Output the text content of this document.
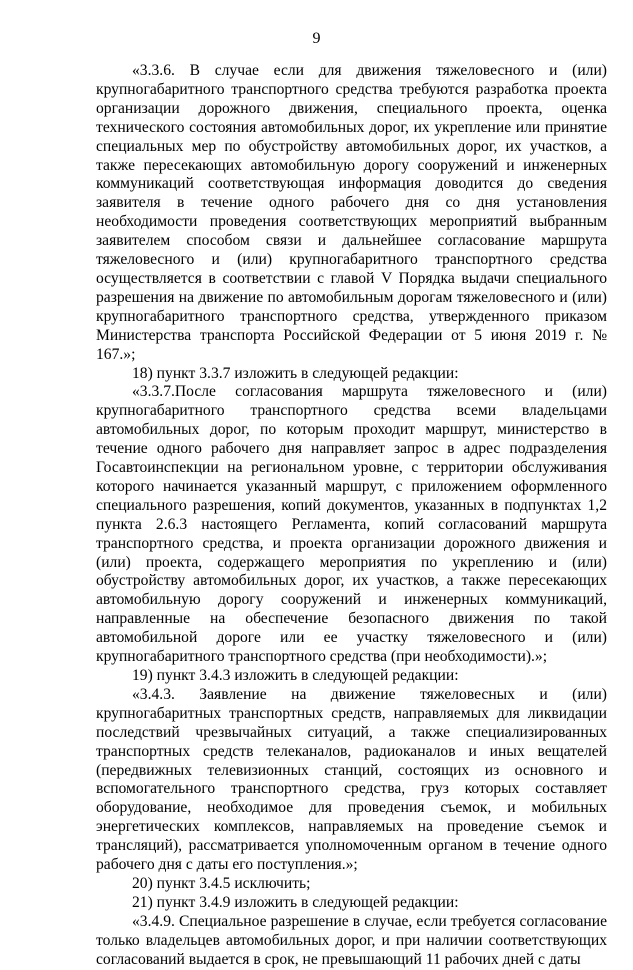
9

«3.3.6. В случае если для движения тяжеловесного и (или) крупногабаритного транспортного средства требуются разработка проекта организации дорожного движения, специального проекта, оценка технического состояния автомобильных дорог, их укрепление или принятие специальных мер по обустройству автомобильных дорог, их участков, а также пересекающих автомобильную дорогу сооружений и инженерных коммуникаций соответствующая информация доводится до сведения заявителя в течение одного рабочего дня со дня установления необходимости проведения соответствующих мероприятий выбранным заявителем способом связи и дальнейшее согласование маршрута тяжеловесного и (или) крупногабаритного транспортного средства осуществляется в соответствии с главой V Порядка выдачи специального разрешения на движение по автомобильным дорогам тяжеловесного и (или) крупногабаритного транспортного средства, утвержденного приказом Министерства транспорта Российской Федерации от 5 июня 2019 г. № 167.»;

18) пункт 3.3.7 изложить в следующей редакции:

«3.3.7.После согласования маршрута тяжеловесного и (или) крупногабаритного транспортного средства всеми владельцами автомобильных дорог, по которым проходит маршрут, министерство в течение одного рабочего дня направляет запрос в адрес подразделения Госавтоинспекции на региональном уровне, с территории обслуживания которого начинается указанный маршрут, с приложением оформленного специального разрешения, копий документов, указанных в подпунктах 1,2 пункта 2.6.3 настоящего Регламента, копий согласований маршрута транспортного средства, и проекта организации дорожного движения и (или) проекта, содержащего мероприятия по укреплению и (или) обустройству автомобильных дорог, их участков, а также пересекающих автомобильную дорогу сооружений и инженерных коммуникаций, направленные на обеспечение безопасного движения по такой автомобильной дороге или ее участку тяжеловесного и (или) крупногабаритного транспортного средства (при необходимости).»;

19) пункт 3.4.3 изложить в следующей редакции:

«3.4.3. Заявление на движение тяжеловесных и (или) крупногабаритных транспортных средств, направляемых для ликвидации последствий чрезвычайных ситуаций, а также специализированных транспортных средств телеканалов, радиоканалов и иных вещателей (передвижных телевизионных станций, состоящих из основного и вспомогательного транспортного средства, груз которых составляет оборудование, необходимое для проведения съемок, и мобильных энергетических комплексов, направляемых на проведение съемок и трансляций), рассматривается уполномоченным органом в течение одного рабочего дня с даты его поступления.»;

20) пункт 3.4.5 исключить;

21) пункт 3.4.9 изложить в следующей редакции:

«3.4.9. Специальное разрешение в случае, если требуется согласование только владельцев автомобильных дорог, и при наличии соответствующих согласований выдается в срок, не превышающий 11 рабочих дней с даты
